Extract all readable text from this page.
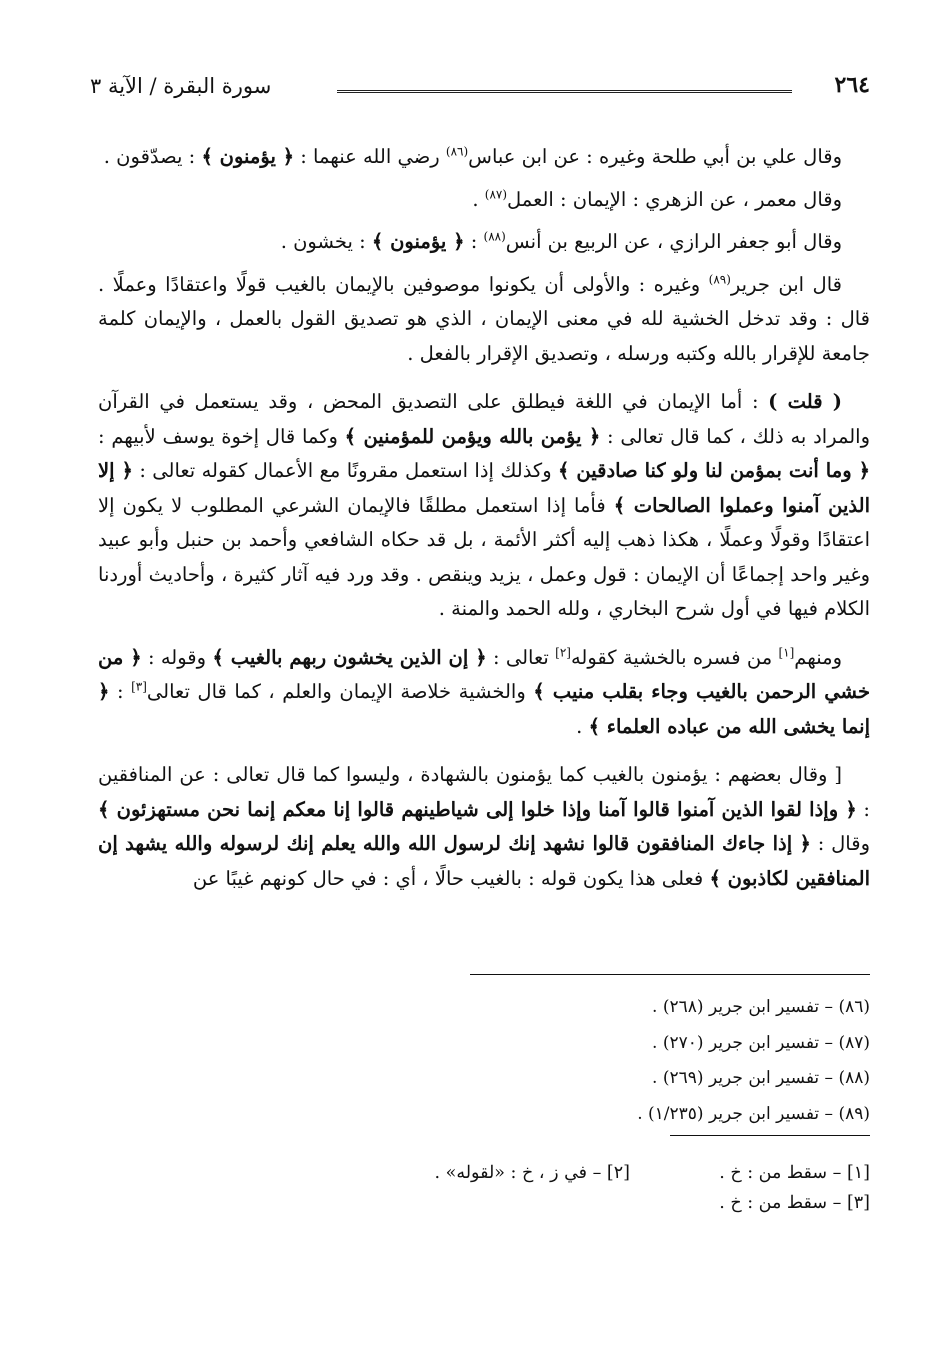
٢٦٤
سورة البقرة / الآية ٣

وقال علي بن أبي طلحة وغيره : عن ابن عباس$^{(٨٦)}$ رضي الله عنهما : ﴿ يؤمنون ﴾ : يصدّقون .

وقال معمر ، عن الزهري : الإيمان : العمل$^{(٨٧)}$ .

وقال أبو جعفر الرازي ، عن الربيع بن أنس$^{(٨٨)}$ : ﴿ يؤمنون ﴾ : يخشون .

قال ابن جرير$^{(٨٩)}$ وغيره : والأولى أن يكونوا موصوفين بالإيمان بالغيب قولًا واعتقادًا وعملًا . قال : وقد تدخل الخشية لله في معنى الإيمان ، الذي هو تصديق القول بالعمل ، والإيمان كلمة جامعة للإقرار بالله وكتبه ورسله ، وتصديق الإقرار بالفعل .

( قلت ) : أما الإيمان في اللغة فيطلق على التصديق المحض ، وقد يستعمل في القرآن والمراد به ذلك ، كما قال تعالى : ﴿ يؤمن بالله ويؤمن للمؤمنين ﴾ وكما قال إخوة يوسف لأبيهم : ﴿ وما أنت بمؤمن لنا ولو كنا صادقين ﴾ وكذلك إذا استعمل مقرونًا مع الأعمال كقوله تعالى : ﴿ إلا الذين آمنوا وعملوا الصالحات ﴾ فأما إذا استعمل مطلقًا فالإيمان الشرعي المطلوب لا يكون إلا اعتقادًا وقولًا وعملًا ، هكذا ذهب إليه أكثر الأئمة ، بل قد حكاه الشافعي وأحمد بن حنبل وأبو عبيد وغير واحد إجماعًا أن الإيمان : قول وعمل ، يزيد وينقص . وقد ورد فيه آثار كثيرة ، وأحاديث أوردنا الكلام فيها في أول شرح البخاري ، ولله الحمد والمنة .

ومنهم[١] من فسره بالخشية كقوله[٢] تعالى : ﴿ إن الذين يخشون ربهم بالغيب ﴾ وقوله : ﴿ من خشي الرحمن بالغيب وجاء بقلب منيب ﴾ والخشية خلاصة الإيمان والعلم ، كما قال تعالى[٣] : ﴿ إنما يخشى الله من عباده العلماء ﴾ .

[ وقال بعضهم : يؤمنون بالغيب كما يؤمنون بالشهادة ، وليسوا كما قال تعالى : عن المنافقين : ﴿ وإذا لقوا الذين آمنوا قالوا آمنا وإذا خلوا إلى شياطينهم قالوا إنا معكم إنما نحن مستهزئون ﴾ وقال : ﴿ إذا جاءك المنافقون قالوا نشهد إنك لرسول الله والله يعلم إنك لرسوله والله يشهد إن المنافقين لكاذبون ﴾ فعلى هذا يكون قوله : بالغيب حالًا ، أي : في حال كونهم غيبًا عن

(٨٦) – تفسير ابن جرير (٢٦٨) .
(٨٧) – تفسير ابن جرير (٢٧٠) .
(٨٨) – تفسير ابن جرير (٢٦٩) .
(٨٩) – تفسير ابن جرير (١/٢٣٥) .
[١] – سقط من : خ .
[٣] – سقط من : خ .
[٢] – في ز ، خ : «لقوله» .
